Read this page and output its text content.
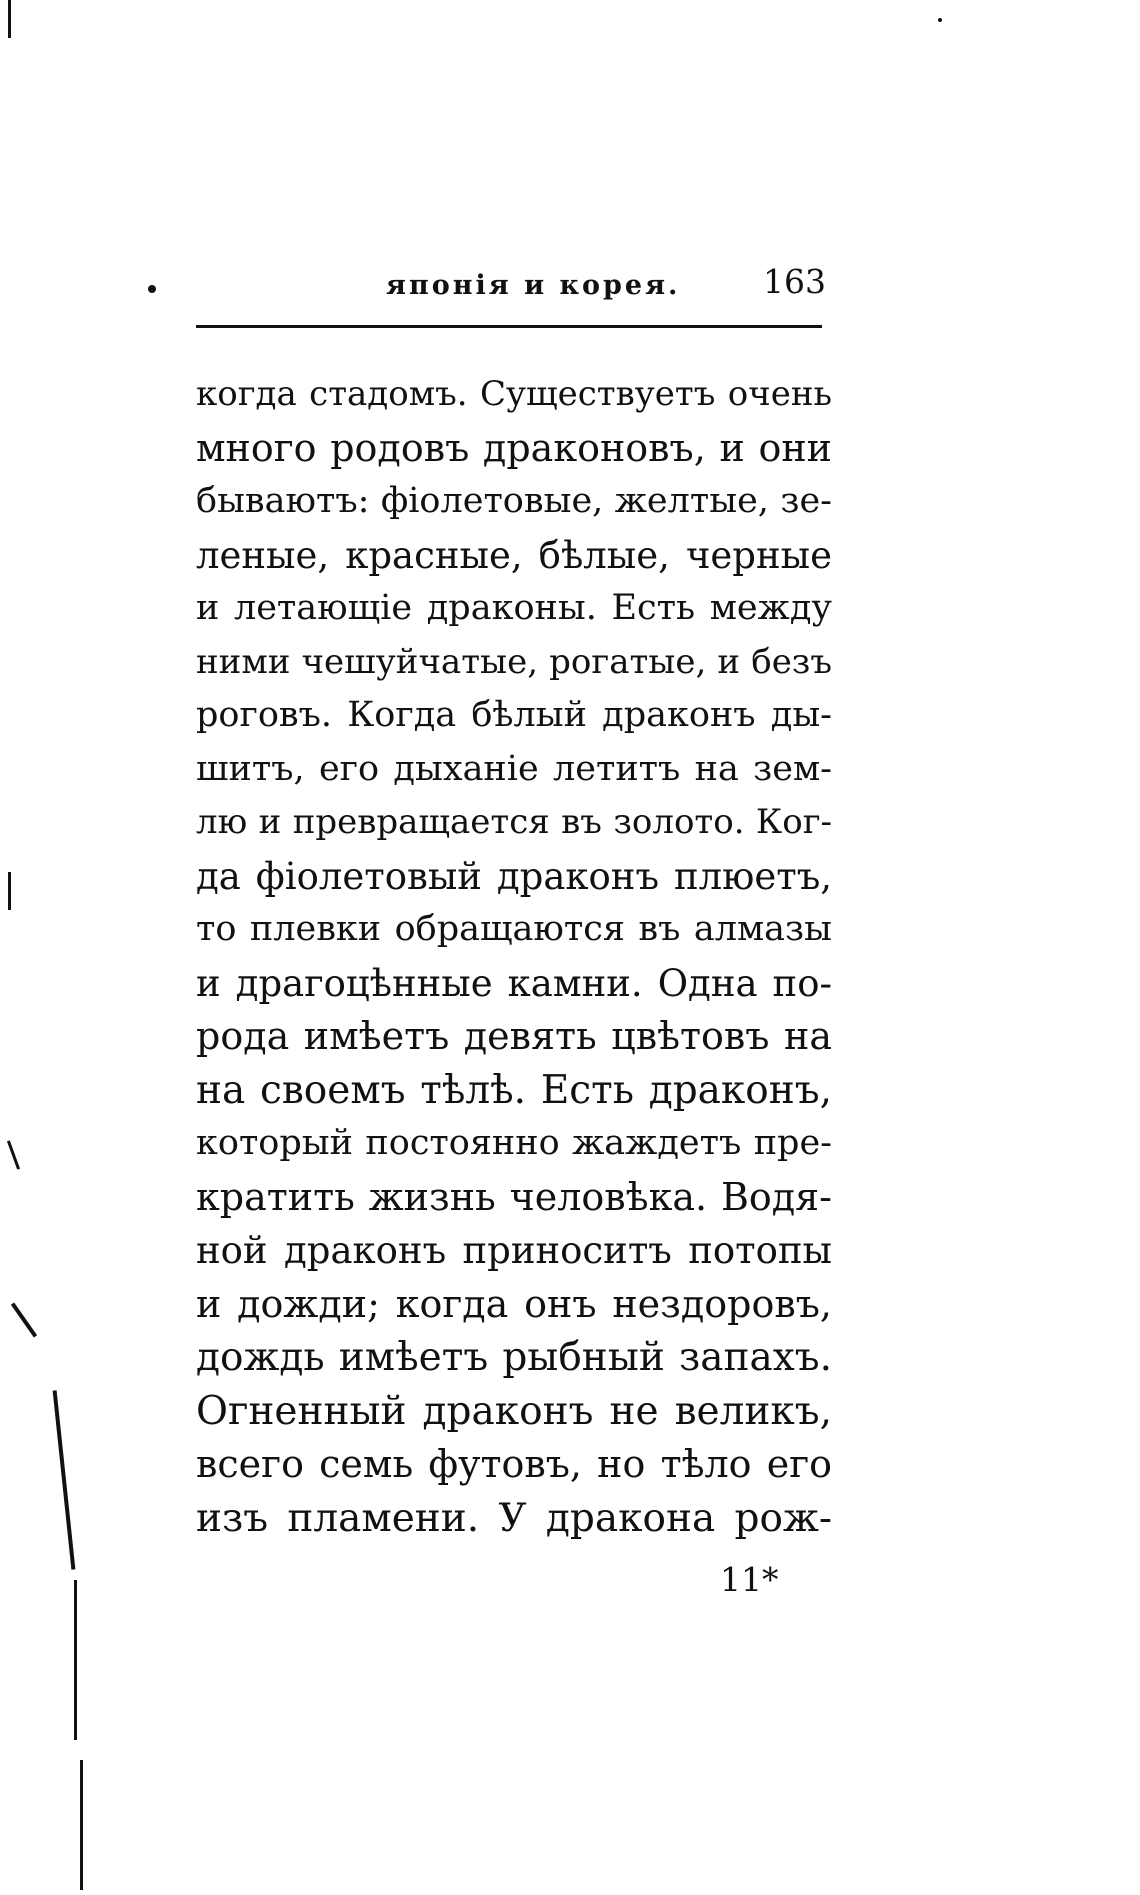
японія и корея.	163
когда стадомъ. Существуетъ очень
много родовъ драконовъ, и они
бываютъ: фіолетовые, желтые, зе-
леные, красные, бѣлые, черные
и летающіе драконы. Есть между
ними чешуйчатые, рогатые, и безъ
роговъ. Когда бѣлый драконъ ды-
шитъ, его дыханіе летитъ на зем-
лю и превращается въ золото. Ког-
да фіолетовый драконъ плюетъ,
то плевки обращаются въ алмазы
и драгоцѣнные камни. Одна по-
рода имѣетъ девять цвѣтовъ на
на своемъ тѣлѣ. Есть драконъ,
который постоянно жаждетъ пре-
кратить жизнь человѣка. Водя-
ной драконъ приноситъ потопы
и дожди; когда онъ нездоровъ,
дождь имѣетъ рыбный запахъ.
Огненный драконъ не великъ,
всего семь футовъ, но тѣло его
изъ пламени. У дракона рож-
11*
